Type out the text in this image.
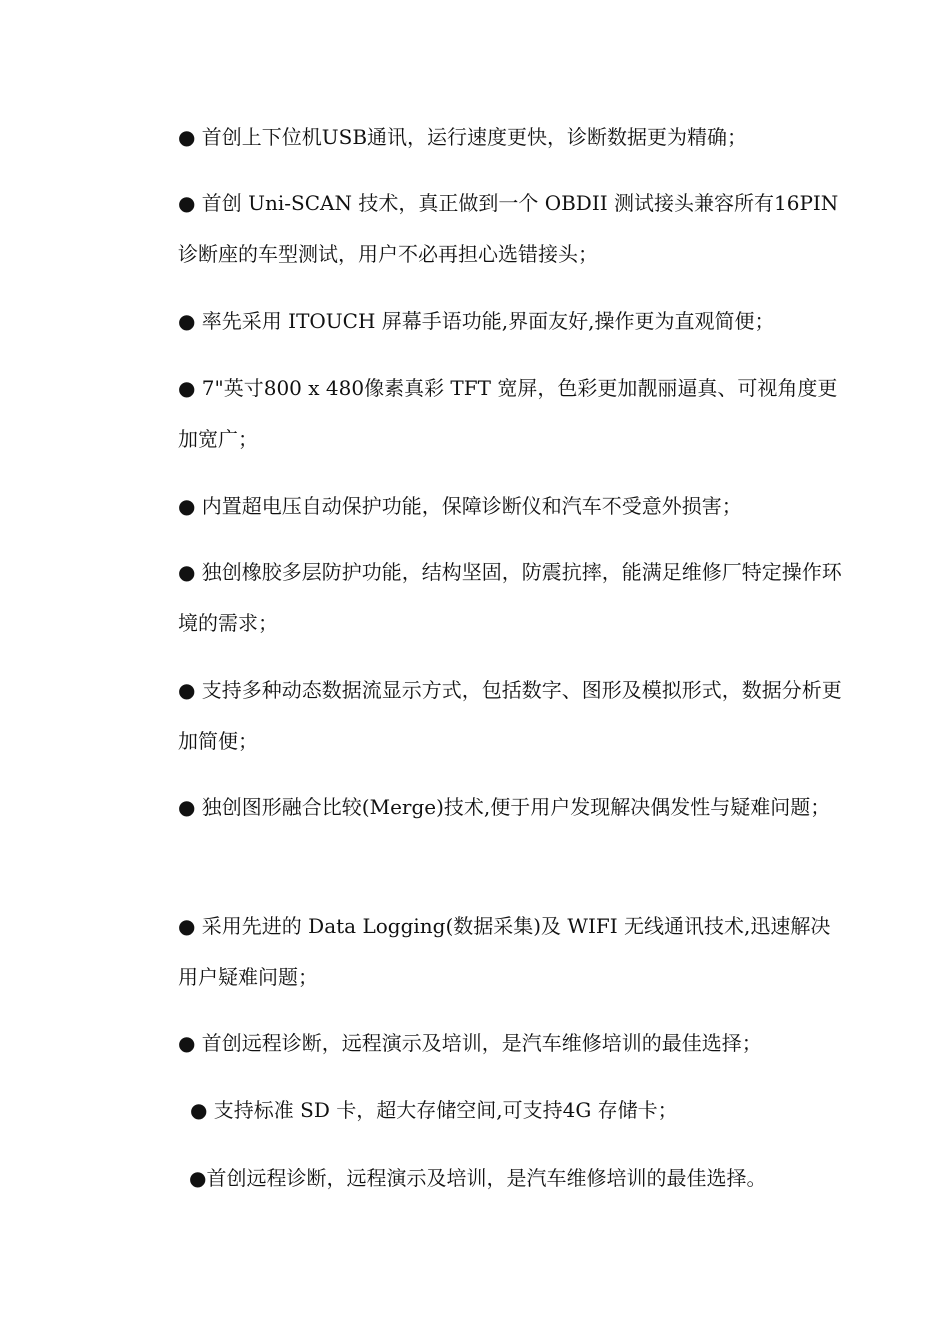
● 首创上下位机USB通讯，运行速度更快，诊断数据更为精确；

● 首创 Uni-SCAN 技术，真正做到一个 OBDII 测试接头兼容所有16PIN 诊断座的车型测试，用户不必再担心选错接头；

● 率先采用 ITOUCH 屏幕手语功能,界面友好,操作更为直观简便；

● 7"英寸800 x 480像素真彩 TFT 宽屏，色彩更加靓丽逼真、可视角度更加宽广；

● 内置超电压自动保护功能，保障诊断仪和汽车不受意外损害；

● 独创橡胶多层防护功能，结构坚固，防震抗摔，能满足维修厂特定操作环境的需求；

● 支持多种动态数据流显示方式，包括数字、图形及模拟形式，数据分析更加简便；

● 独创图形融合比较(Merge)技术,便于用户发现解决偶发性与疑难问题；

● 采用先进的 Data Logging(数据采集)及 WIFI 无线通讯技术,迅速解决用户疑难问题；

● 首创远程诊断，远程演示及培训，是汽车维修培训的最佳选择；

● 支持标准 SD 卡，超大存储空间,可支持4G 存储卡；

●首创远程诊断，远程演示及培训，是汽车维修培训的最佳选择。
